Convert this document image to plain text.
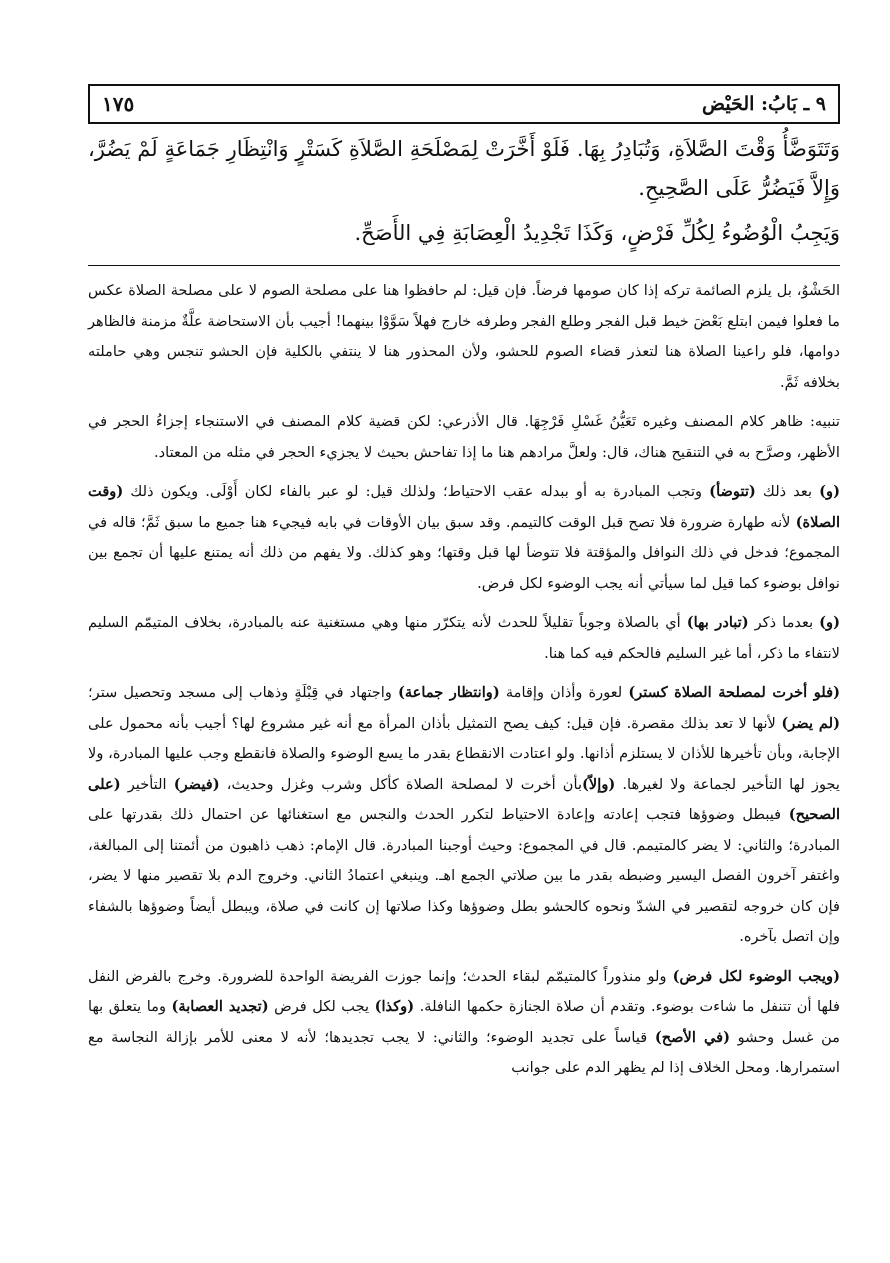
٩ ـ بَابُ: الحَيْض
١٧٥

وَتَتَوَضَّأُ وَقْتَ الصَّلاَةِ، وَتُبَادِرُ بِهَا. فَلَوْ أَخَّرَتْ لِمَصْلَحَةِ الصَّلاَةِ كَسَتْرٍ وَانْتِظَارِ جَمَاعَةٍ لَمْ يَضُرَّ، وَإِلاَّ فَيَضُرُّ عَلَى الصَّحِيحِ.

وَيَجِبُ الْوُضُوءُ لِكُلِّ فَرْضٍ، وَكَذَا تَجْدِيدُ الْعِصَابَةِ فِي الأَصَحِّ.

الحَشْوُ، بل يلزم الصائمة تركه إذا كان صومها فرضاً. فإن قيل: لم حافظوا هنا على مصلحة الصوم لا على مصلحة الصلاة عكس ما فعلوا فيمن ابتلع بَعْضَ خيط قبل الفجر وطلع الفجر وطرفه خارج فهلاً سَوَّوْا بينهما! أجيب بأن الاستحاضة علَّةٌ مزمنة فالظاهر دوامها، فلو راعينا الصلاة هنا لتعذر قضاء الصوم للحشو، ولأن المحذور هنا لا ينتفي بالكلية فإن الحشو تنجس وهي حاملته بخلافه ثَمَّ.

تنبيه: ظاهر كلام المصنف وغيره تَعَيُّنُ غَسْلِ فَرْجِهَا. قال الأذرعي: لكن قضية كلام المصنف في الاستنجاء إجزاءُ الحجر في الأظهر، وصرَّح به في التنقيح هناك، قال: ولعلَّ مرادهم هنا ما إذا تفاحش بحيث لا يجزيء الحجر في مثله من المعتاد.

(و) بعد ذلك (تتوضأ) وتجب المبادرة به أو ببدله عقب الاحتياط؛ ولذلك قيل: لو عبر بالفاء لكان أَوْلَى. ويكون ذلك (وقت الصلاة) لأنه طهارة ضرورة فلا تصح قبل الوقت كالتيمم. وقد سبق بيان الأوقات في بابه فيجيء هنا جميع ما سبق ثَمَّ؛ قاله في المجموع؛ فدخل في ذلك النوافل والمؤقتة فلا تتوضأ لها قبل وقتها؛ وهو كذلك. ولا يفهم من ذلك أنه يمتنع عليها أن تجمع بين نوافل بوضوء كما قيل لما سيأتي أنه يجب الوضوء لكل فرض.

(و) بعدما ذكر (تبادر بها) أي بالصلاة وجوباً تقليلاً للحدث لأنه يتكرّر منها وهي مستغنية عنه بالمبادرة، بخلاف المتيمّم السليم لانتفاء ما ذكر، أما غير السليم فالحكم فيه كما هنا.

(فلو أخرت لمصلحة الصلاة كستر) لعورة وأذان وإقامة (وانتظار جماعة) واجتهاد في قِبْلَةٍ وذهاب إلى مسجد وتحصيل ستر؛ (لم يضر) لأنها لا تعد بذلك مقصرة. فإن قيل: كيف يصح التمثيل بأذان المرأة مع أنه غير مشروع لها؟ أجيب بأنه محمول على الإجابة، وبأن تأخيرها للأذان لا يستلزم أذانها. ولو اعتادت الانقطاع بقدر ما يسع الوضوء والصلاة فانقطع وجب عليها المبادرة، ولا يجوز لها التأخير لجماعة ولا لغيرها. (وإلاّ)بأن أخرت لا لمصلحة الصلاة كأكل وشرب وغزل وحديث، (فيضر) التأخير (على الصحيح) فيبطل وضوؤها فتجب إعادته وإعادة الاحتياط لتكرر الحدث والنجس مع استغنائها عن احتمال ذلك بقدرتها على المبادرة؛ والثاني: لا يضر كالمتيمم. قال في المجموع: وحيث أوجبنا المبادرة. قال الإمام: ذهب ذاهبون من أئمتنا إلى المبالغة، واغتفر آخرون الفصل اليسير وضبطه بقدر ما بين صلاتي الجمع اهـ. وينبغي اعتمادُ الثاني. وخروج الدم بلا تقصير منها لا يضر، فإن كان خروجه لتقصير في الشدّ ونحوه كالحشو بطل وضوؤها وكذا صلاتها إن كانت في صلاة، ويبطل أيضاً وضوؤها بالشفاء وإن اتصل بآخره.

(ويجب الوضوء لكل فرض) ولو منذوراً كالمتيمّم لبقاء الحدث؛ وإنما جوزت الفريضة الواحدة للضرورة. وخرج بالفرض النفل فلها أن تتنفل ما شاءت بوضوء. وتقدم أن صلاة الجنازة حكمها النافلة. (وكذا) يجب لكل فرض (تجديد العصابة) وما يتعلق بها من غسل وحشو (في الأصح) قياساً على تجديد الوضوء؛ والثاني: لا يجب تجديدها؛ لأنه لا معنى للأمر بإزالة النجاسة مع استمرارها. ومحل الخلاف إذا لم يظهر الدم على جوانب
